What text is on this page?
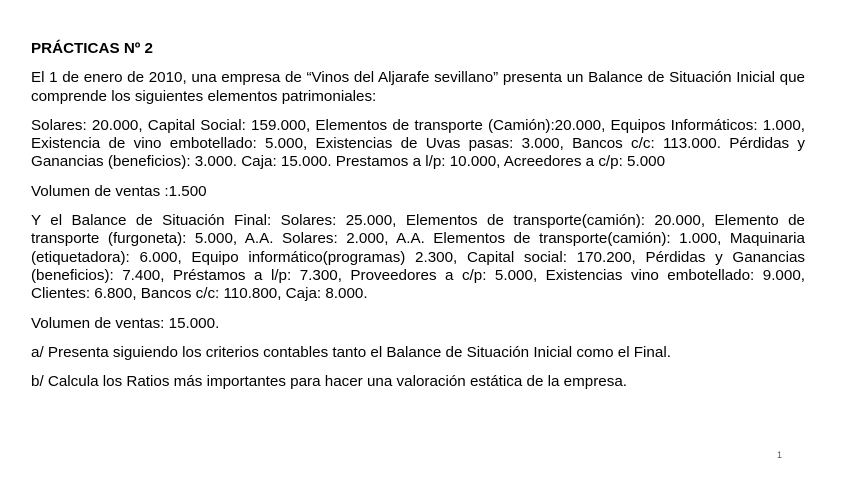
PRÁCTICAS Nº 2

El 1 de enero de 2010, una empresa de “Vinos del Aljarafe sevillano” presenta un Balance de Situación Inicial que comprende los siguientes elementos patrimoniales:

Solares: 20.000, Capital Social: 159.000, Elementos de transporte (Camión):20.000, Equipos Informáticos: 1.000, Existencia de vino embotellado: 5.000, Existencias de Uvas pasas: 3.000, Bancos c/c: 113.000. Pérdidas y Ganancias (beneficios): 3.000. Caja: 15.000. Prestamos a l/p: 10.000, Acreedores a c/p: 5.000

Volumen de ventas :1.500

Y el Balance de Situación Final: Solares: 25.000, Elementos de transporte(camión): 20.000, Elemento de transporte (furgoneta): 5.000, A.A. Solares: 2.000, A.A. Elementos de transporte(camión): 1.000, Maquinaria (etiquetadora): 6.000, Equipo informático(programas) 2.300, Capital social: 170.200, Pérdidas y Ganancias (beneficios): 7.400, Préstamos a l/p: 7.300, Proveedores a c/p: 5.000, Existencias vino embotellado: 9.000, Clientes: 6.800, Bancos c/c: 110.800, Caja: 8.000.

Volumen de ventas: 15.000.

a/ Presenta siguiendo los criterios contables tanto el Balance de Situación Inicial como el Final.

b/ Calcula los Ratios más importantes para hacer una valoración estática de la empresa.

1
